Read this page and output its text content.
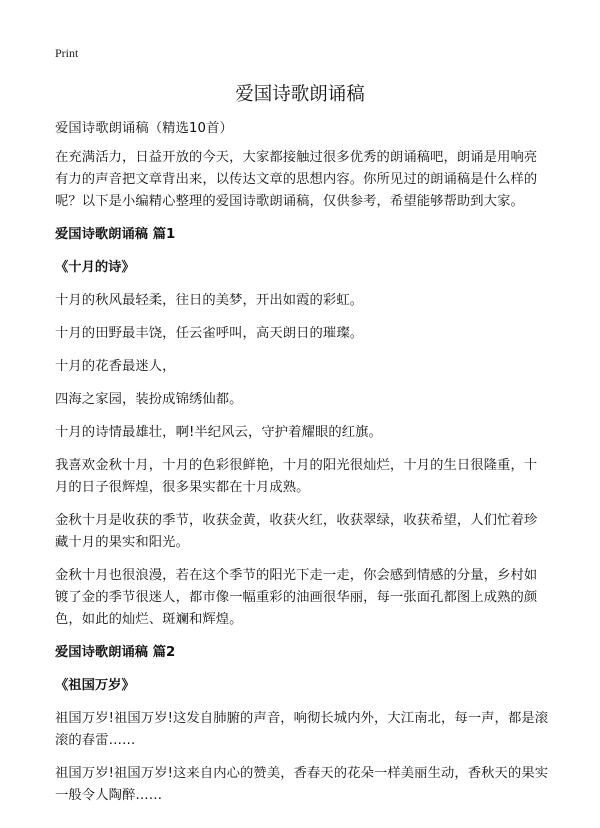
Print
爱国诗歌朗诵稿

爱国诗歌朗诵稿（精选10首）

在充满活力，日益开放的今天，大家都接触过很多优秀的朗诵稿吧，朗诵是用响亮有力的声音把文章背出来，以传达文章的思想内容。你所见过的朗诵稿是什么样的呢？以下是小编精心整理的爱国诗歌朗诵稿，仅供参考，希望能够帮助到大家。

爱国诗歌朗诵稿 篇1
《十月的诗》

十月的秋风最轻柔，往日的美梦，开出如霞的彩虹。

十月的田野最丰饶，任云雀呼叫，高天朗日的璀璨。

十月的花香最迷人，

四海之家园，装扮成锦绣仙都。

十月的诗情最雄壮，啊!半纪风云，守护着耀眼的红旗。

我喜欢金秋十月，十月的色彩很鲜艳，十月的阳光很灿烂，十月的生日很隆重，十月的日子很辉煌，很多果实都在十月成熟。

金秋十月是收获的季节，收获金黄，收获火红，收获翠绿，收获希望，人们忙着珍藏十月的果实和阳光。

金秋十月也很浪漫，若在这个季节的阳光下走一走，你会感到情感的分量，乡村如镀了金的季节很迷人，都市像一幅重彩的油画很华丽，每一张面孔都图上成熟的颜色，如此的灿烂、斑斓和辉煌。

爱国诗歌朗诵稿 篇2
《祖国万岁》

祖国万岁!祖国万岁!这发自肺腑的声音，响彻长城内外，大江南北，每一声，都是滚滚的春雷……

祖国万岁!祖国万岁!这来自内心的赞美，香春天的花朵一样美丽生动，香秋天的果实一般令人陶醉……
